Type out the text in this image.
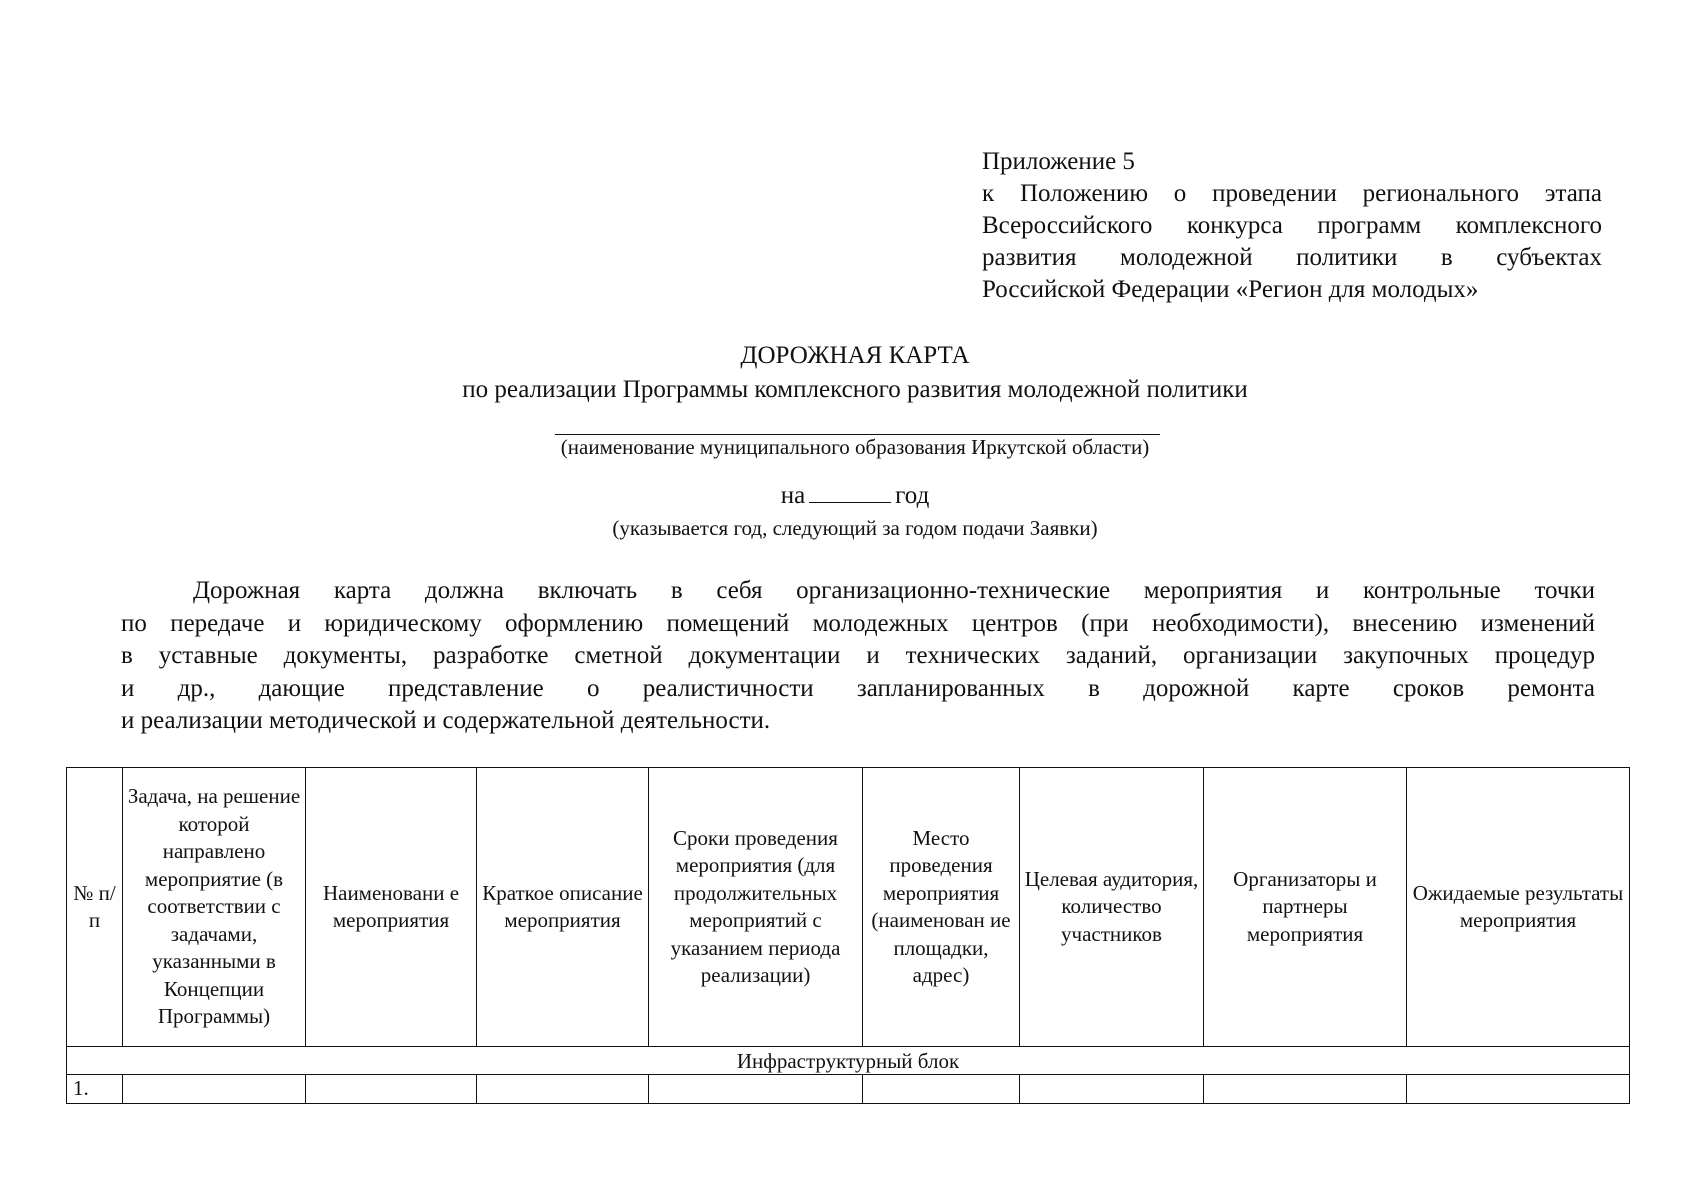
Приложение 5
к Положению о проведении регионального этапа
Всероссийского конкурса программ комплексного
развития молодежной политики в субъектах
Российской Федерации «Регион для молодых»
ДОРОЖНАЯ КАРТА
по реализации Программы комплексного развития молодежной политики
(наименование муниципального образования Иркутской области)
на	год
(указывается год, следующий за годом подачи Заявки)
Дорожная карта должна включать в себя организационно-технические мероприятия и контрольные точки
по передаче и юридическому оформлению помещений молодежных центров (при необходимости), внесению изменений
в уставные документы, разработке сметной документации и технических заданий, организации закупочных процедур
и др., дающие представление о реалистичности запланированных в дорожной карте сроков ремонта
и реализации методической и содержательной деятельности.
№ п/п	Задача, на решение которой направлено мероприятие (в соответствии с задачами, указанными в Концепции Программы)	Наименовани е мероприятия	Краткое описание мероприятия	Сроки проведения мероприятия (для продолжительных мероприятий с указанием периода реализации)	Место проведения мероприятия (наименован ие площадки, адрес)	Целевая аудитория, количество участников	Организаторы и партнеры мероприятия	Ожидаемые результаты мероприятия
Инфраструктурный блок								
1.								
